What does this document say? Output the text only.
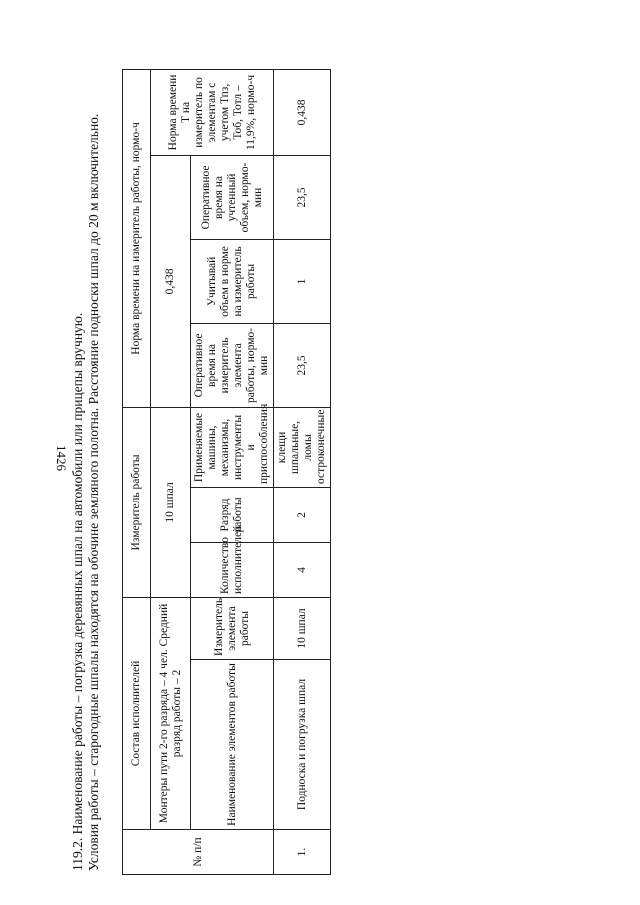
1426 119.2. Наименование работы – погрузка деревянных шпал на автомобили или прицепы вручную. Условия работы – старогодные шпалы находятся на обочине земляного полотна. Расстояние подноски шпал до 20 м включительно.	№ п/п	Состав исполнителей		Измеритель работы			Норма времени на измеритель работы, нормо-ч			
	Монтеры пути 2-го разряда – 4 чел. Средний разряд работы – 2		10 шпал			0,438			Норма времени Т на измеритель по элементам с учетом Тпз, Тоб, Тотл – 11,9%, нормо-ч
	Наименование элементов работы	Измеритель элемента работы	Количество исполнителей	Разряд работы	Применяемые машины, механизмы, инструменты и приспособления	Оперативное время на измеритель элемента работы, нормо-мин	Учитывай объем в норме на измеритель работы	Оперативное время на учтенный объем, нормо-мин	
1.	Подноска и погрузка шпал	10 шпал	4	2	клещи шпальные, ломы остроконечные	23,5	1	23,5	0,438
